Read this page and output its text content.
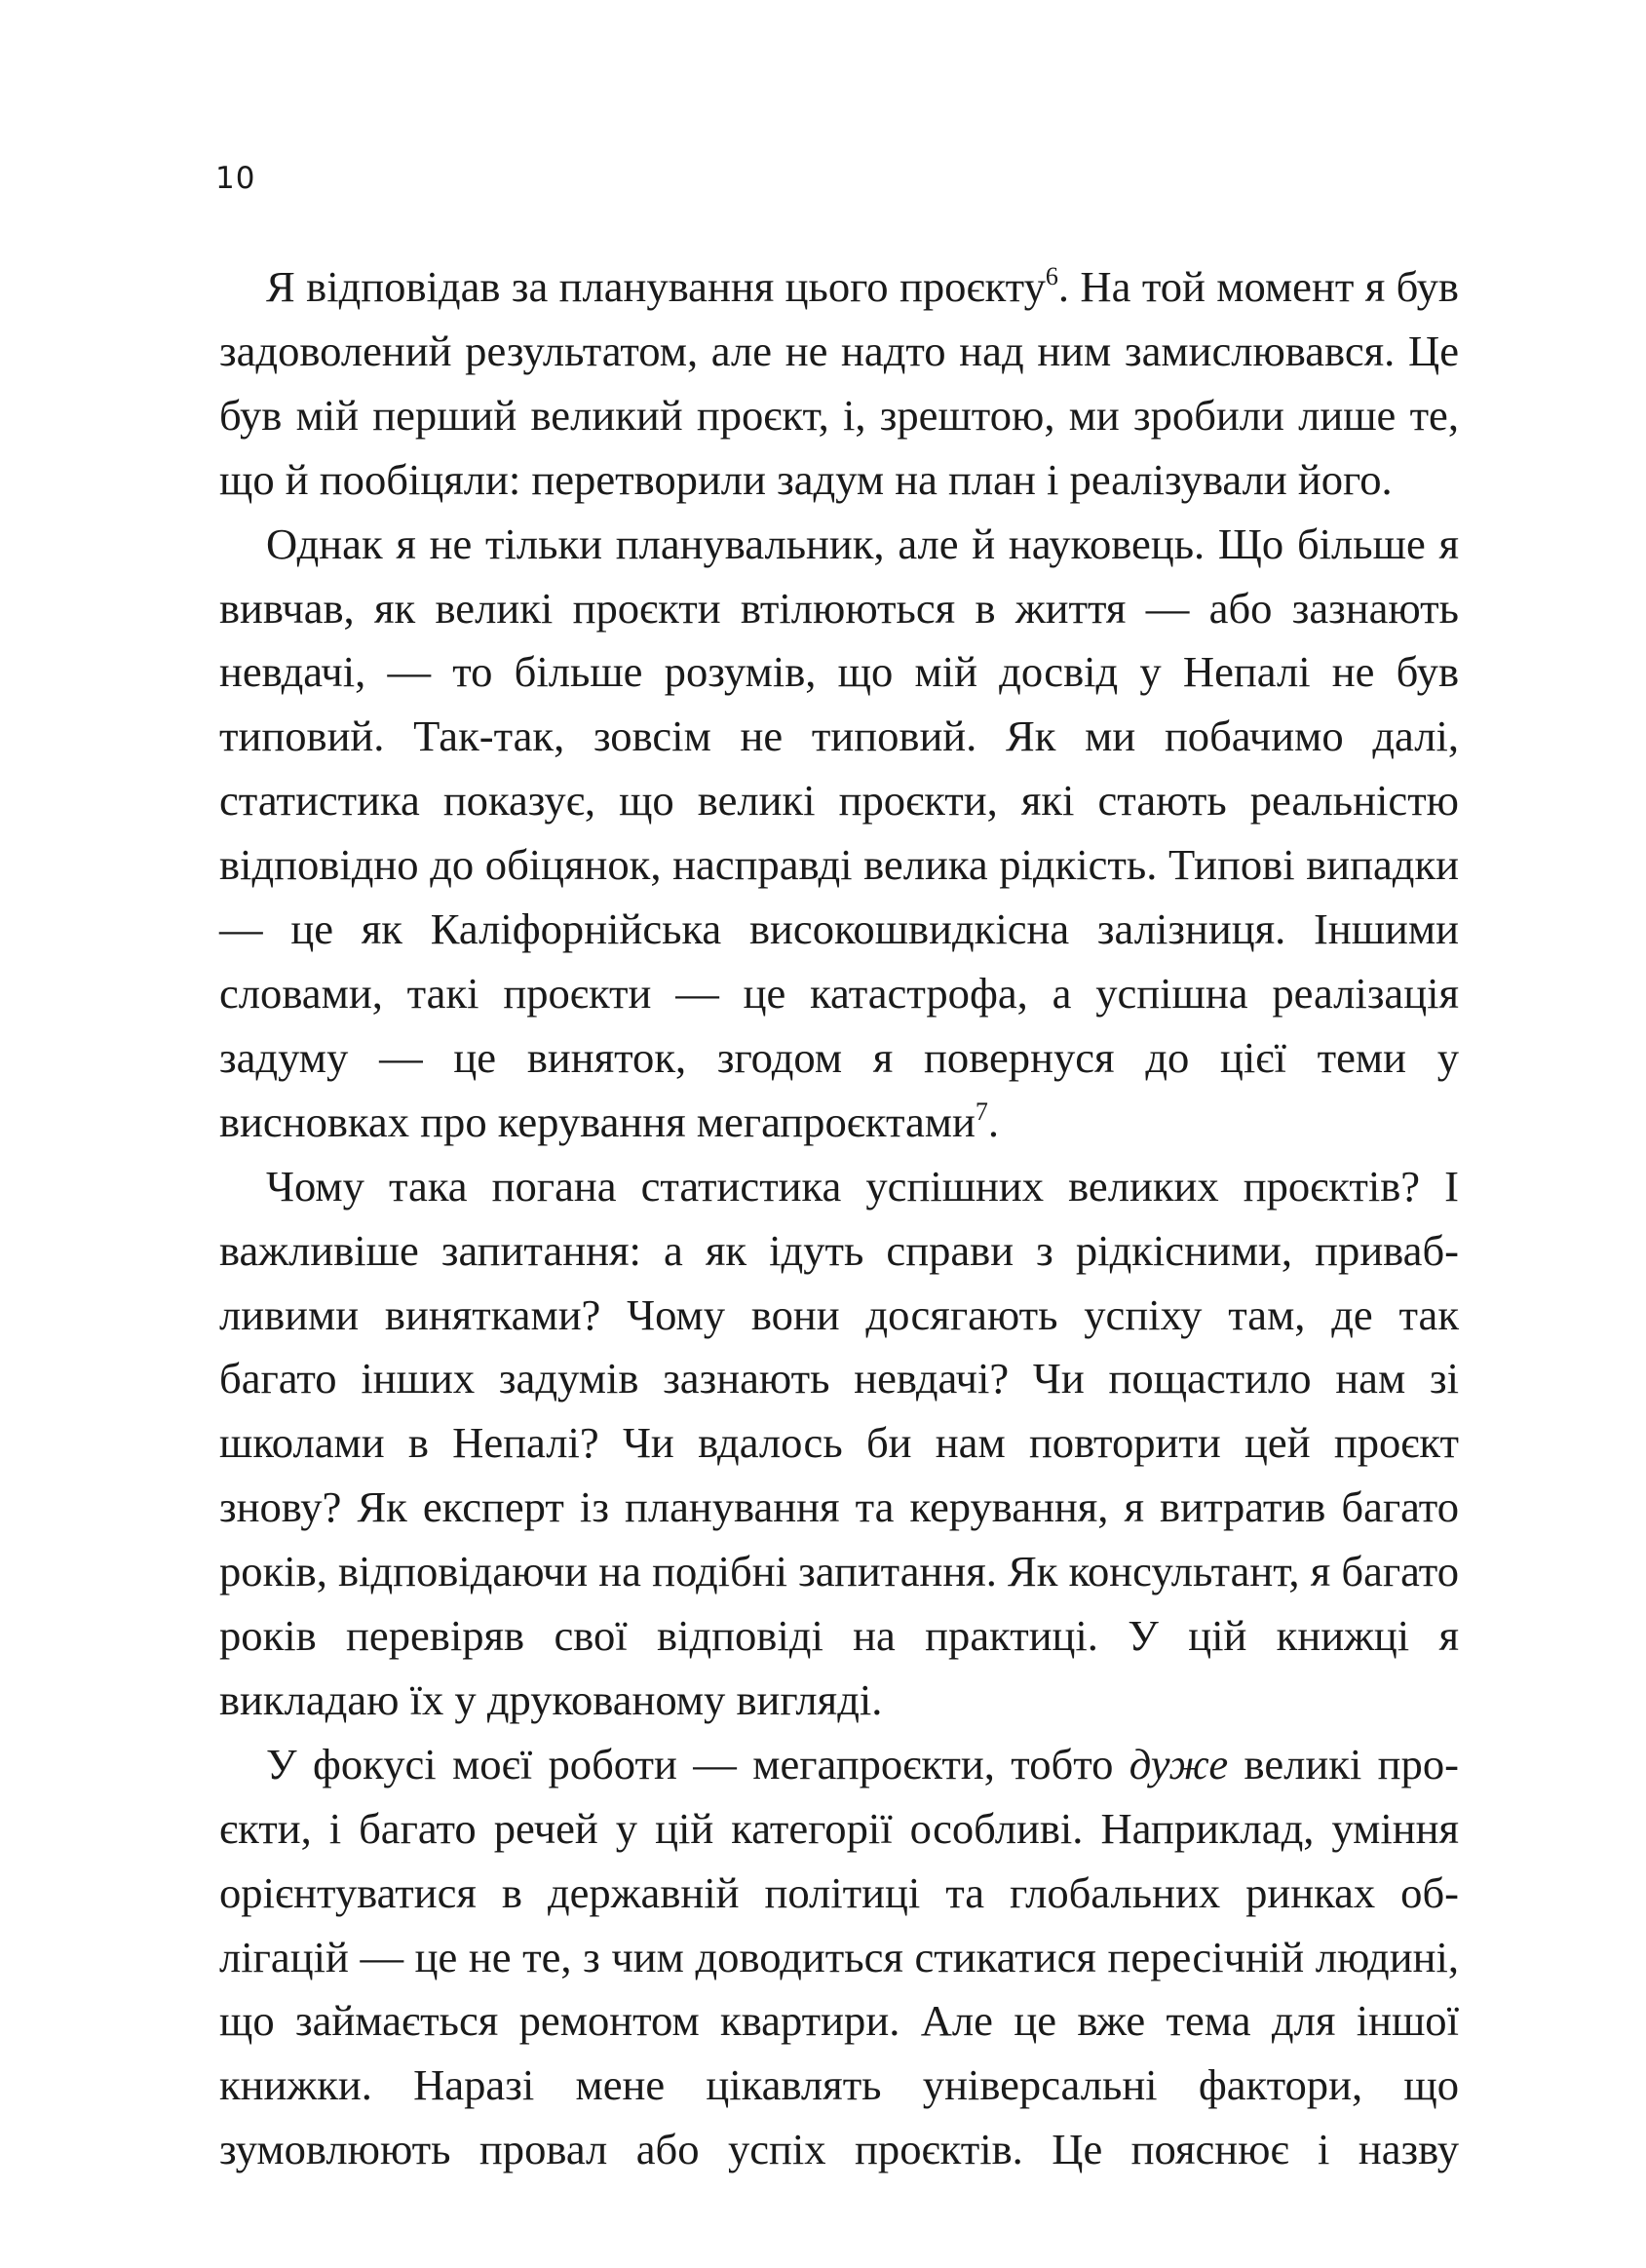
10

Я відповідав за планування цього проєкту$^6$. На той момент я був задоволений результатом, але не надто над ним замислювався. Це був мій перший великий проєкт, і, зрештою, ми зробили лише те, що й пообіцяли: перетворили задум на план і реалізували його.

Однак я не тільки планувальник, але й науковець. Що більше я вивчав, як великі проєкти втілюються в життя — або зазнають невдачі, — то більше розумів, що мій досвід у Непалі не був типовий. Так-так, зовсім не типовий. Як ми побачимо далі, статистика показує, що великі проєкти, які стають реальністю відповідно до обіцянок, насправді велика рідкість. Типові випадки — це як Каліфорнійська високошвидкісна залізниця. Іншими словами, такі проєкти — це катастрофа, а успішна реалізація задуму — це виняток, згодом я повернуся до цієї теми у висновках про керування мегапроєктами$^7$.

Чому така погана статистика успішних великих проєктів? І важливіше запитання: а як ідуть справи з рідкісними, привабливими винятками? Чому вони досягають успіху там, де так багато інших задумів зазнають невдачі? Чи пощастило нам зі школами в Непалі? Чи вдалось би нам повторити цей проєкт знову? Як експерт із планування та керування, я витратив багато років, відповідаючи на подібні запитання. Як консультант, я багато років перевіряв свої відповіді на практиці. У цій книжці я викладаю їх у друкованому вигляді.

У фокусі моєї роботи — мегапроєкти, тобто дуже великі проєкти, і багато речей у цій категорії особливі. Наприклад, уміння орієнтуватися в державній політиці та глобальних ринках облігацій — це не те, з чим доводиться стикатися пересічній людині, що займається ремонтом квартири. Але це вже тема для іншої книжки. Наразі мене цікавлять універсальні фактори, що зумовлюють провал або успіх проєктів. Це пояснює і назву
